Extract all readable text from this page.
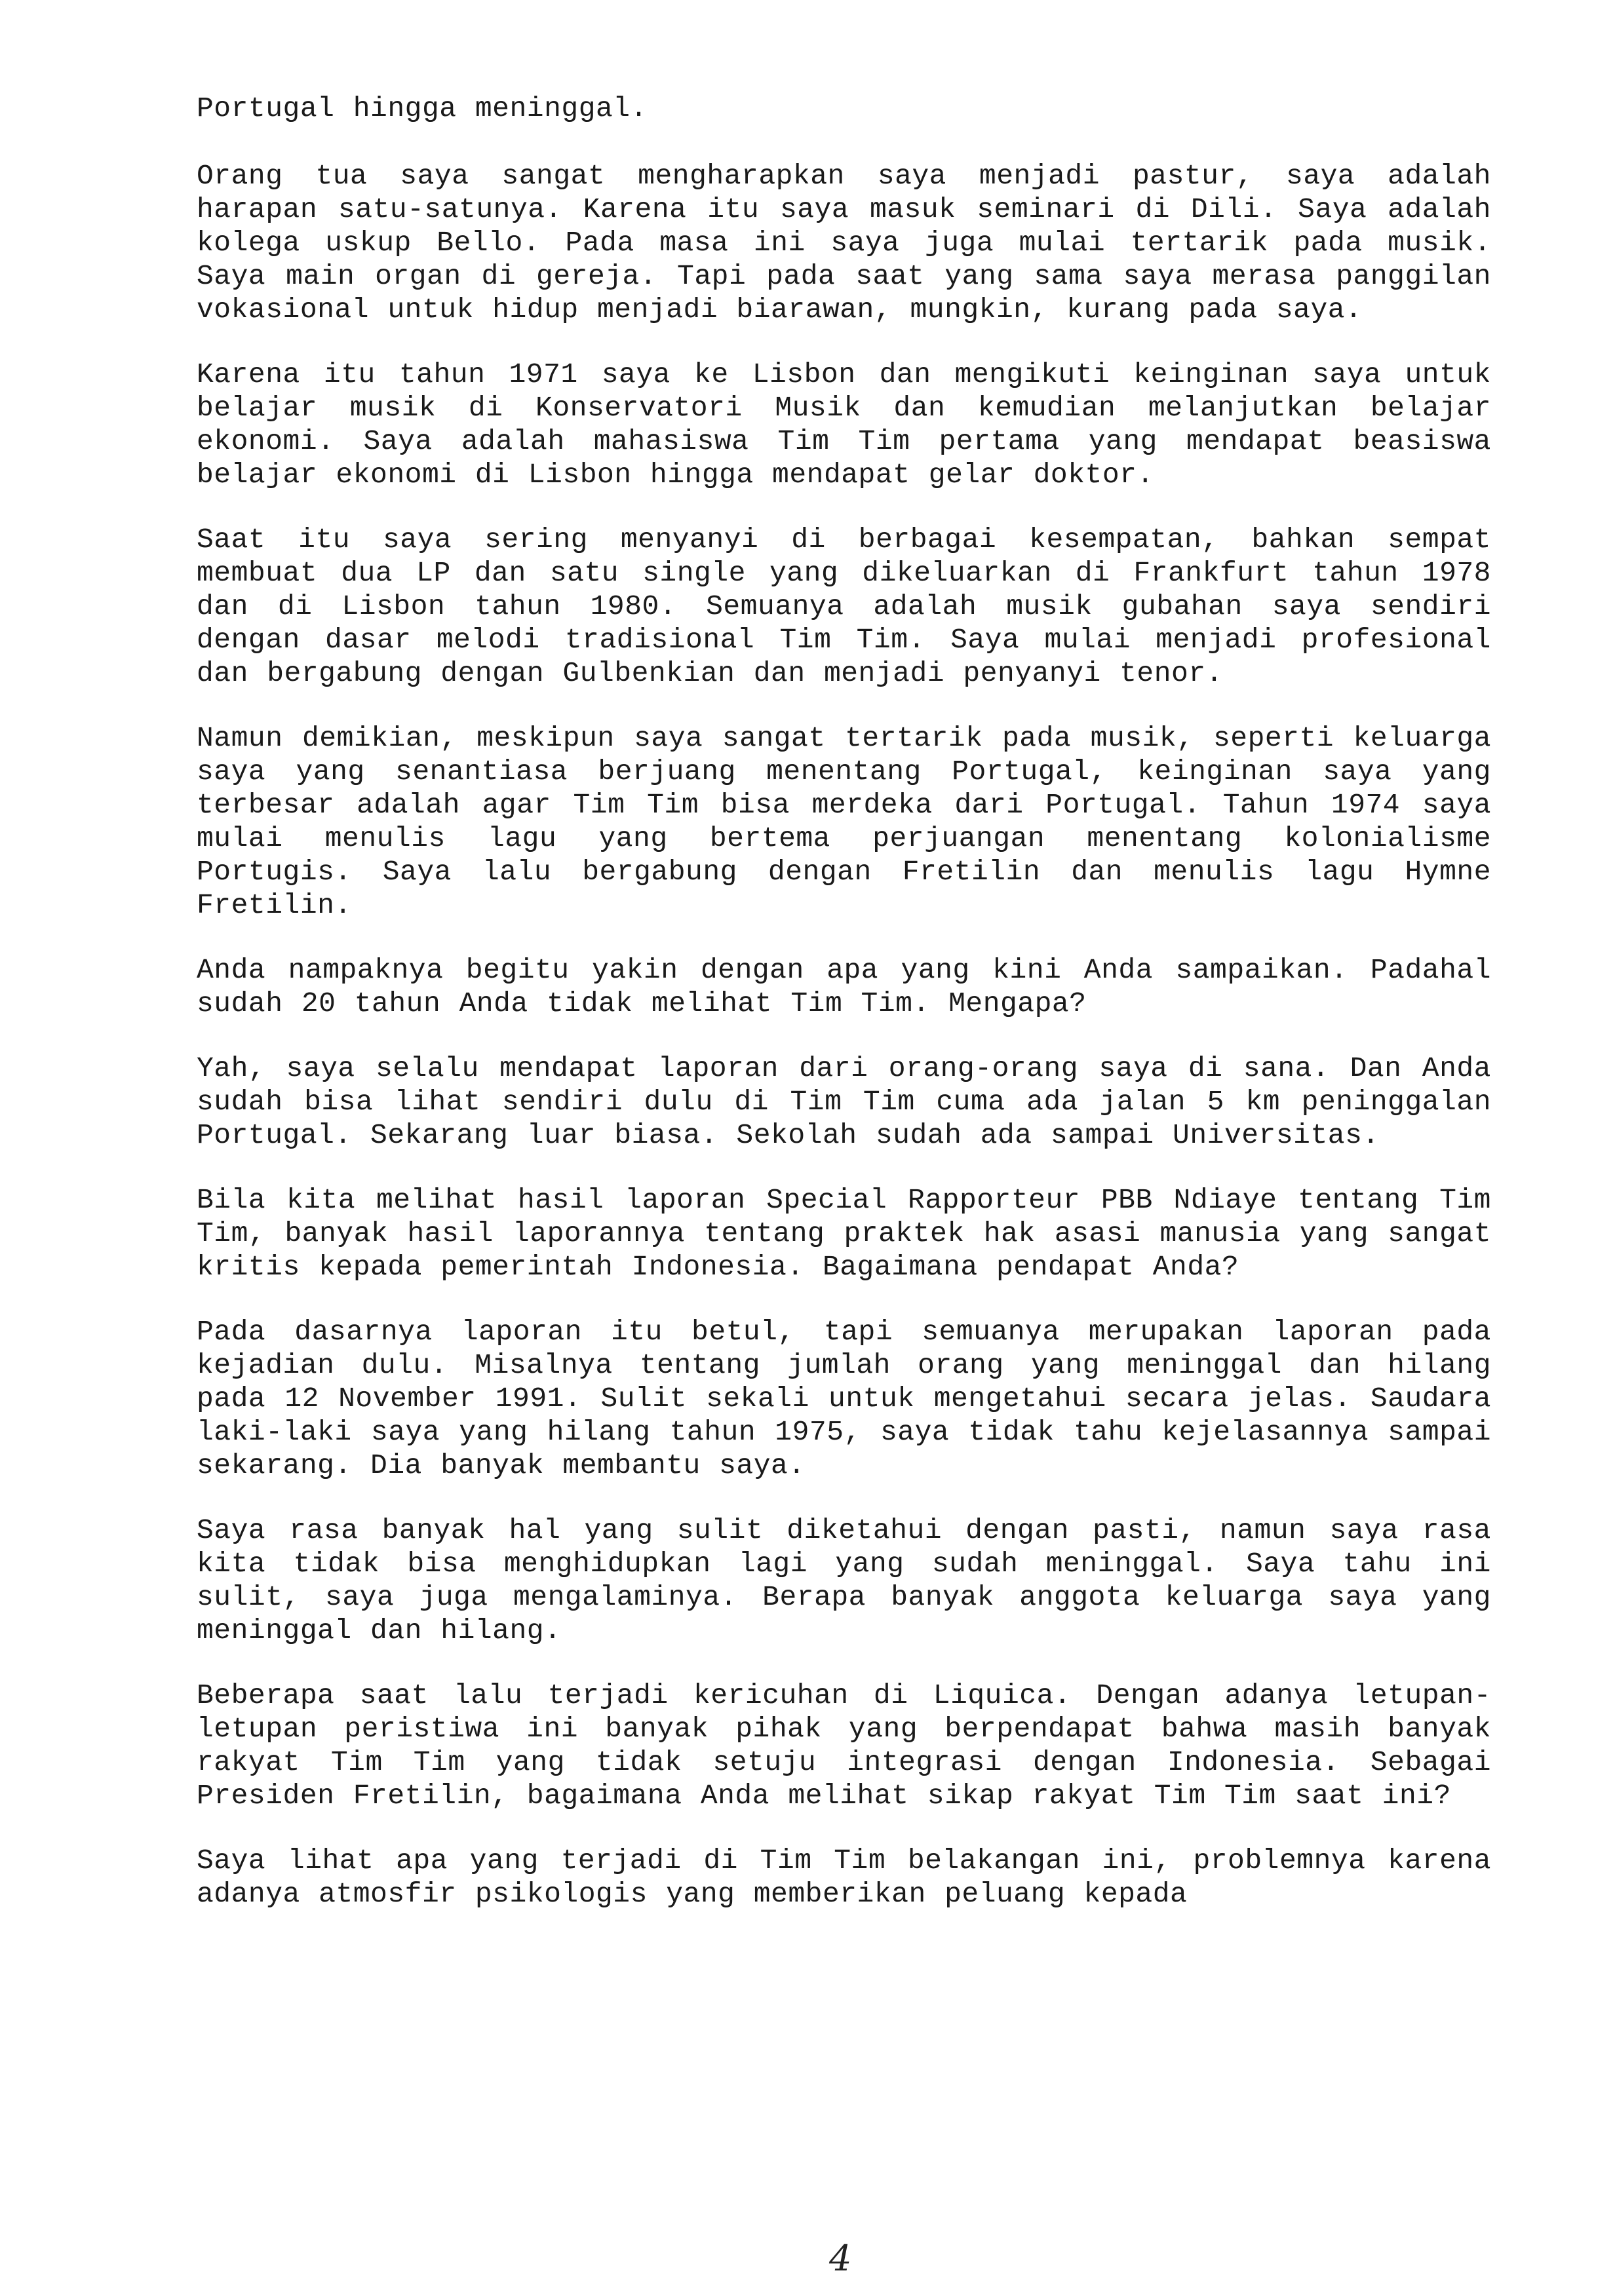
Portugal hingga meninggal.

Orang tua saya sangat mengharapkan saya menjadi pastur, saya adalah harapan satu-satunya. Karena itu saya masuk seminari di Dili. Saya adalah kolega uskup Bello. Pada masa ini saya juga mulai tertarik pada musik. Saya main organ di gereja. Tapi pada saat yang sama saya merasa panggilan vokasional untuk hidup menjadi biarawan, mungkin, kurang pada saya.

Karena itu tahun 1971 saya ke Lisbon dan mengikuti keinginan saya untuk belajar musik di Konservatori Musik dan kemudian melanjutkan belajar ekonomi. Saya adalah mahasiswa Tim Tim pertama yang mendapat beasiswa belajar ekonomi di Lisbon hingga mendapat gelar doktor.

Saat itu saya sering menyanyi di berbagai kesempatan, bahkan sempat membuat dua LP dan satu single yang dikeluarkan di Frankfurt tahun 1978 dan di Lisbon tahun 1980. Semuanya adalah musik gubahan saya sendiri dengan dasar melodi tradisional Tim Tim. Saya mulai menjadi profesional dan bergabung dengan Gulbenkian dan menjadi penyanyi tenor.

Namun demikian, meskipun saya sangat tertarik pada musik, seperti keluarga saya yang senantiasa berjuang menentang Portugal, keinginan saya yang terbesar adalah agar Tim Tim bisa merdeka dari Portugal. Tahun 1974 saya mulai menulis lagu yang bertema perjuangan menentang kolonialisme Portugis. Saya lalu bergabung dengan Fretilin dan menulis lagu Hymne Fretilin.

Anda nampaknya begitu yakin dengan apa yang kini Anda sampaikan. Padahal sudah 20 tahun Anda tidak melihat Tim Tim. Mengapa?

Yah, saya selalu mendapat laporan dari orang-orang saya di sana. Dan Anda sudah bisa lihat sendiri dulu di Tim Tim cuma ada jalan 5 km peninggalan Portugal. Sekarang luar biasa. Sekolah sudah ada sampai Universitas.

Bila kita melihat hasil laporan Special Rapporteur PBB Ndiaye tentang Tim Tim, banyak hasil laporannya tentang praktek hak asasi manusia yang sangat kritis kepada pemerintah Indonesia. Bagaimana pendapat Anda?

Pada dasarnya laporan itu betul, tapi semuanya merupakan laporan pada kejadian dulu. Misalnya tentang jumlah orang yang meninggal dan hilang pada 12 November 1991. Sulit sekali untuk mengetahui secara jelas. Saudara laki-laki saya yang hilang tahun 1975, saya tidak tahu kejelasannya sampai sekarang. Dia banyak membantu saya.

Saya rasa banyak hal yang sulit diketahui dengan pasti, namun saya rasa kita tidak bisa menghidupkan lagi yang sudah meninggal. Saya tahu ini sulit, saya juga mengalaminya. Berapa banyak anggota keluarga saya yang meninggal dan hilang.

Beberapa saat lalu terjadi kericuhan di Liquica. Dengan adanya letupan-letupan peristiwa ini banyak pihak yang berpendapat bahwa masih banyak rakyat Tim Tim yang tidak setuju integrasi dengan Indonesia. Sebagai Presiden Fretilin, bagaimana Anda melihat sikap rakyat Tim Tim saat ini?

Saya lihat apa yang terjadi di Tim Tim belakangan ini, problemnya karena adanya atmosfir psikologis yang memberikan peluang kepada

4
